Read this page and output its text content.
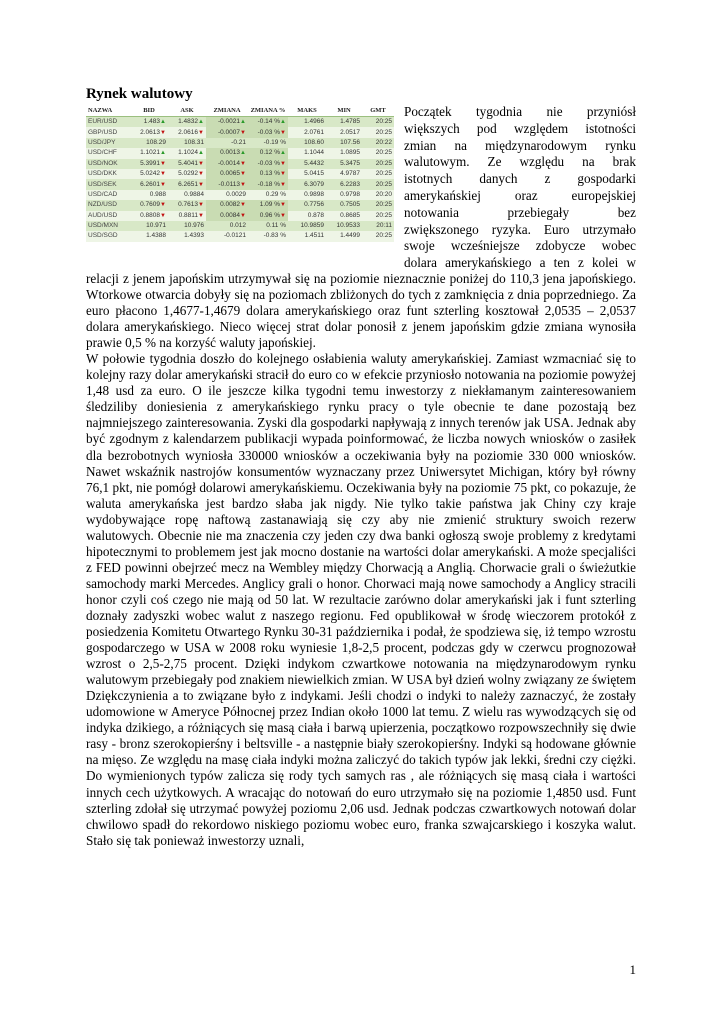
Rynek walutowy
NAZWA	BID	ASK	ZMIANA	ZMIANA %	MAKS	MIN	GMT
EUR/USD	1.483▲	1.4832▲	-0.0021▲	-0.14 %▲	1.4966	1.4785	20:25
GBP/USD	2.0613▼	2.0616▼	-0.0007▼	-0.03 %▼	2.0761	2.0517	20:25
USD/JPY	108.29	108.31	-0.21	-0.19 %	108.60	107.56	20:22
USD/CHF	1.1021▲	1.1024▲	0.0013▲	0.12 %▲	1.1044	1.0895	20:25
USD/NOK	5.3991▼	5.4041▼	-0.0014▼	-0.03 %▼	5.4432	5.3475	20:25
USD/DKK	5.0242▼	5.0292▼	0.0065▼	0.13 %▼	5.0415	4.9787	20:25
USD/SEK	6.2601▼	6.2651▼	-0.0113▼	-0.18 %▼	6.3079	6.2283	20:25
USD/CAD	0.988	0.9884	0.0029	0.29 %	0.9898	0.9798	20:20
NZD/USD	0.7609▼	0.7613▼	0.0082▼	1.09 %▼	0.7756	0.7505	20:25
AUD/USD	0.8808▼	0.8811▼	0.0084▼	0.96 %▼	0.878	0.8685	20:25
USD/MXN	10.971	10.976	0.012	0.11 %	10.9859	10.9533	20:11
USD/SGD	1.4388	1.4393	-0.0121	-0.83 %	1.4511	1.4499	20:25

Początek tygodnia nie przyniósł
większych pod względem istotności
zmian na międzynarodowym rynku
walutowym. Ze względu na brak
istotnych danych z gospodarki
amerykańskiej oraz europejskiej
notowania przebiegały bez
zwiększonego ryzyka. Euro utrzymało
swoje wcześniejsze zdobycze wobec
dolara amerykańskiego a ten z kolei w

relacji z jenem japońskim utrzymywał się na poziomie nieznacznie poniżej do 110,3 jena japońskiego. Wtorkowe otwarcia dobyły się na poziomach zbliżonych do tych z zamknięcia z dnia poprzedniego. Za euro płacono 1,4677-1,4679 dolara amerykańskiego oraz funt szterling kosztował 2,0535 – 2,0537 dolara amerykańskiego. Nieco więcej strat dolar ponosił z jenem japońskim gdzie zmiana wynosiła prawie 0,5 % na korzyść waluty japońskiej.

W połowie tygodnia doszło do kolejnego osłabienia waluty amerykańskiej. Zamiast wzmacniać się to kolejny razy dolar amerykański stracił do euro co w efekcie przyniosło notowania na poziomie powyżej 1,48 usd za euro. O ile jeszcze kilka tygodni temu inwestorzy z niekłamanym zainteresowaniem śledziliby doniesienia z amerykańskiego rynku pracy o tyle obecnie te dane pozostają bez najmniejszego zainteresowania. Zyski dla gospodarki napływają z innych terenów jak USA. Jednak aby być zgodnym z kalendarzem publikacji wypada poinformować, że liczba nowych wniosków o zasiłek dla bezrobotnych wyniosła 330000 wniosków a oczekiwania były na poziomie 330 000 wniosków. Nawet wskaźnik nastrojów konsumentów wyznaczany przez Uniwersytet Michigan, który był równy 76,1 pkt, nie pomógł dolarowi amerykańskiemu. Oczekiwania były na poziomie 75 pkt, co pokazuje, że waluta amerykańska jest bardzo słaba jak nigdy. Nie tylko takie państwa jak Chiny czy kraje wydobywające ropę naftową zastanawiają się czy aby nie zmienić struktury swoich rezerw walutowych. Obecnie nie ma znaczenia czy jeden czy dwa banki ogłoszą swoje problemy z kredytami hipotecznymi to problemem jest jak mocno dostanie na wartości dolar amerykański. A może specjaliści z FED powinni obejrzeć mecz na Wembley między Chorwacją a Anglią. Chorwacie grali o świeżutkie samochody marki Mercedes. Anglicy grali o honor. Chorwaci mają nowe samochody a Anglicy stracili honor czyli coś czego nie mają od 50 lat. W rezultacie zarówno dolar amerykański jak i funt szterling doznały zadyszki wobec walut z naszego regionu. Fed opublikował w środę wieczorem protokół z posiedzenia Komitetu Otwartego Rynku 30-31 października i podał, że spodziewa się, iż tempo wzrostu gospodarczego w USA w 2008 roku wyniesie 1,8-2,5 procent, podczas gdy w czerwcu prognozował wzrost o 2,5-2,75 procent. Dzięki indykom czwartkowe notowania na międzynarodowym rynku walutowym przebiegały pod znakiem niewielkich zmian. W USA był dzień wolny związany ze świętem Dziękczynienia a to związane było z indykami. Jeśli chodzi o indyki to należy zaznaczyć, że zostały udomowione w Ameryce Północnej przez Indian około 1000 lat temu. Z wielu ras wywodzących się od indyka dzikiego, a różniących się masą ciała i barwą upierzenia, początkowo rozpowszechniły się dwie rasy - bronz szerokopierśny i beltsville - a następnie biały szerokopierśny. Indyki są hodowane głównie na mięso. Ze względu na masę ciała indyki można zaliczyć do takich typów jak lekki, średni czy ciężki. Do wymienionych typów zalicza się rody tych samych ras , ale różniących się masą ciała i wartości innych cech użytkowych. A wracając do notowań do euro utrzymało się na poziomie 1,4850 usd. Funt szterling zdołał się utrzymać powyżej poziomu 2,06 usd. Jednak podczas czwartkowych notowań dolar chwilowo spadł do rekordowo niskiego poziomu wobec euro, franka szwajcarskiego i koszyka walut. Stało się tak ponieważ inwestorzy uznali,

1
